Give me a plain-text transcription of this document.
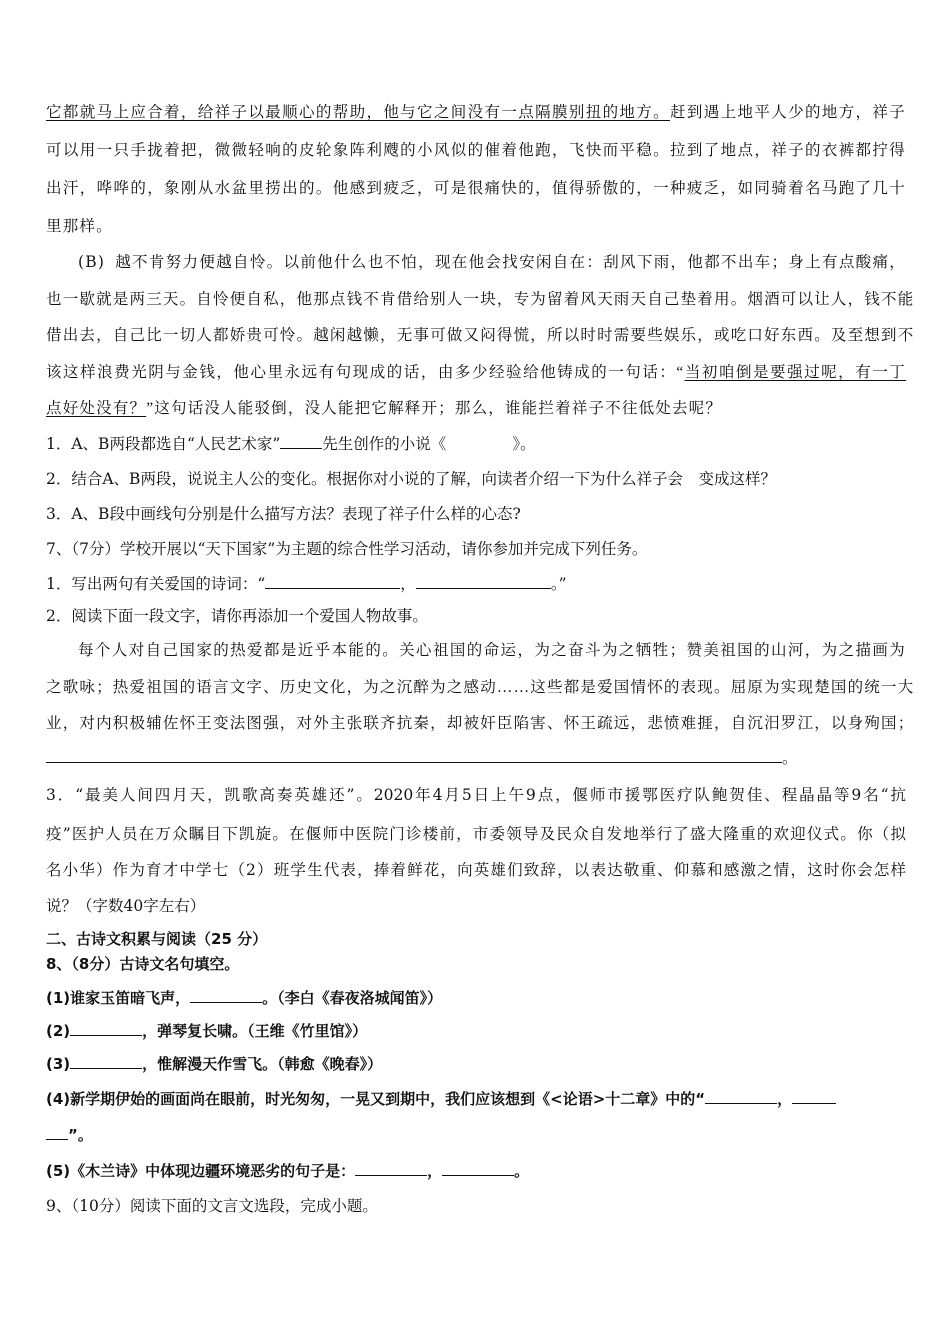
它都就马上应合着，给祥子以最顺心的帮助，他与它之间没有一点隔膜别扭的地方。赶到遇上地平人少的地方，祥子
可以用一只手拢着把，微微轻响的皮轮象阵利飕的小风似的催着他跑，飞快而平稳。拉到了地点，祥子的衣裤都拧得
出汗，哗哗的，象刚从水盆里捞出的。他感到疲乏，可是很痛快的，值得骄傲的，一种疲乏，如同骑着名马跑了几十
里那样。
(B) 越不肯努力便越自怜。以前他什么也不怕，现在他会找安闲自在：刮风下雨，他都不出车；身上有点酸痛，
也一歇就是两三天。自怜便自私，他那点钱不肯借给别人一块，专为留着风天雨天自己垫着用。烟酒可以让人，钱不能
借出去，自己比一切人都娇贵可怜。越闲越懒，无事可做又闷得慌，所以时时需要些娱乐，或吃口好东西。及至想到不
该这样浪费光阴与金钱，他心里永远有句现成的话，由多少经验给他铸成的一句话：“当初咱倒是要强过呢，有一丁
点好处没有？”这句话没人能驳倒，没人能把它解释开；那么，谁能拦着祥子不往低处去呢？
1．A、B两段都选自“人民艺术家”	先生创作的小说《	》。
2．结合A、B两段，说说主人公的变化。根据你对小说的了解，向读者介绍一下为什么祥子会　变成这样？
3．A、B段中画线句分别是什么描写方法？表现了祥子什么样的心态?
7、（7分）学校开展以“天下国家”为主题的综合性学习活动，请你参加并完成下列任务。
1．写出两句有关爱国的诗词：“	，	。”
2．阅读下面一段文字，请你再添加一个爱国人物故事。
每个人对自己国家的热爱都是近乎本能的。关心祖国的命运，为之奋斗为之牺牲；赞美祖国的山河，为之描画为
之歌咏；热爱祖国的语言文字、历史文化，为之沉醉为之感动……这些都是爱国情怀的表现。屈原为实现楚国的统一大
业，对内积极辅佐怀王变法图强，对外主张联齐抗秦，却被奸臣陷害、怀王疏远，悲愤难捱，自沉汨罗江，以身殉国；
。
3．“最美人间四月天，凯歌高奏英雄还”。2020年4月5日上午9点，偃师市援鄂医疗队鲍贺佳、程晶晶等9名“抗
疫”医护人员在万众瞩目下凯旋。在偃师中医院门诊楼前，市委领导及民众自发地举行了盛大隆重的欢迎仪式。你（拟
名小华）作为育才中学七（2）班学生代表，捧着鲜花，向英雄们致辞，以表达敬重、仰慕和感激之情，这时你会怎样
说？（字数40字左右）
二、古诗文积累与阅读（25 分）
8、（8分）古诗文名句填空。
(1)谁家玉笛暗飞声，	。（李白《春夜洛城闻笛》）
(2)	，弹琴复长啸。（王维《竹里馆》）
(3)	，惟解漫天作雪飞。（韩愈《晚春》）
(4)新学期伊始的画面尚在眼前，时光匆匆，一晃又到期中，我们应该想到《<论语>十二章》中的“	，
”。
(5)《木兰诗》中体现边疆环境恶劣的句子是：	，	。
9、（10分）阅读下面的文言文选段，完成小题。
